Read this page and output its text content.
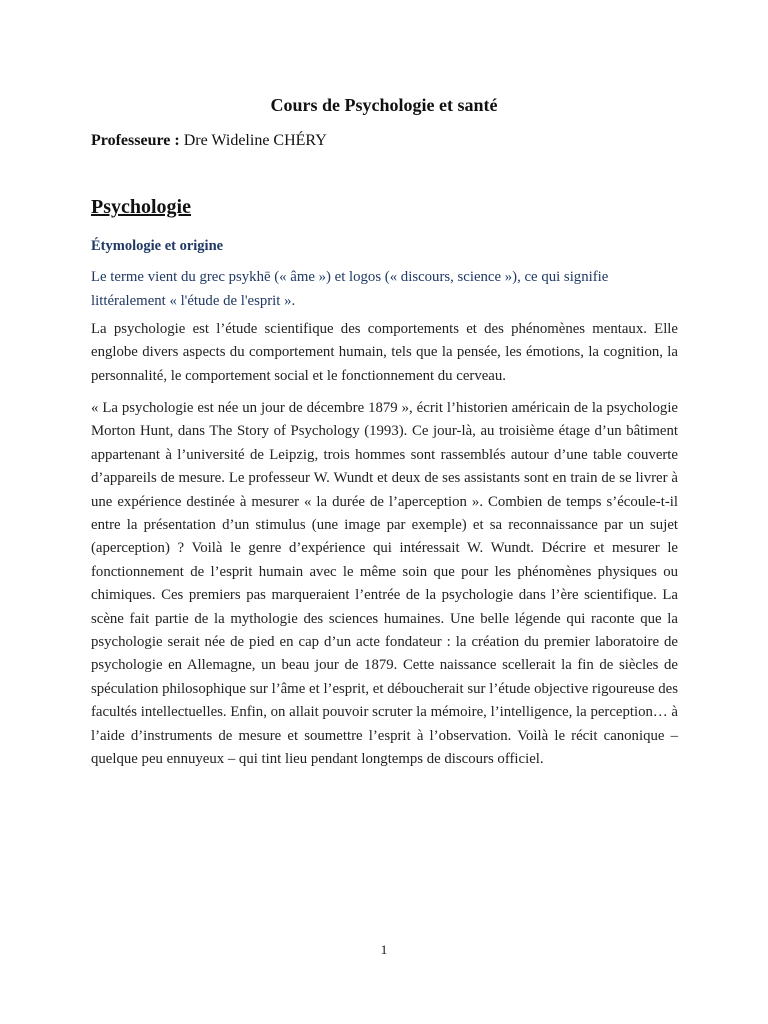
Cours de Psychologie et santé

Professeure : Dre Wideline CHÉRY

Psychologie
Étymologie et origine

Le terme vient du grec psykhē (« âme ») et logos (« discours, science »), ce qui signifie littéralement « l'étude de l'esprit ».

La psychologie est l’étude scientifique des comportements et des phénomènes mentaux. Elle englobe divers aspects du comportement humain, tels que la pensée, les émotions, la cognition, la personnalité, le comportement social et le fonctionnement du cerveau.

« La psychologie est née un jour de décembre 1879 », écrit l’historien américain de la psychologie Morton Hunt, dans The Story of Psychology (1993). Ce jour-là, au troisième étage d’un bâtiment appartenant à l’université de Leipzig, trois hommes sont rassemblés autour d’une table couverte d’appareils de mesure. Le professeur W. Wundt et deux de ses assistants sont en train de se livrer à une expérience destinée à mesurer « la durée de l’aperception ». Combien de temps s’écoule-t-il entre la présentation d’un stimulus (une image par exemple) et sa reconnaissance par un sujet (aperception) ? Voilà le genre d’expérience qui intéressait W. Wundt. Décrire et mesurer le fonctionnement de l’esprit humain avec le même soin que pour les phénomènes physiques ou chimiques. Ces premiers pas marqueraient l’entrée de la psychologie dans l’ère scientifique. La scène fait partie de la mythologie des sciences humaines. Une belle légende qui raconte que la psychologie serait née de pied en cap d’un acte fondateur : la création du premier laboratoire de psychologie en Allemagne, un beau jour de 1879. Cette naissance scellerait la fin de siècles de spéculation philosophique sur l’âme et l’esprit, et déboucherait sur l’étude objective rigoureuse des facultés intellectuelles. Enfin, on allait pouvoir scruter la mémoire, l’intelligence, la perception… à l’aide d’instruments de mesure et soumettre l’esprit à l’observation. Voilà le récit canonique – quelque peu ennuyeux – qui tint lieu pendant longtemps de discours officiel.

1
